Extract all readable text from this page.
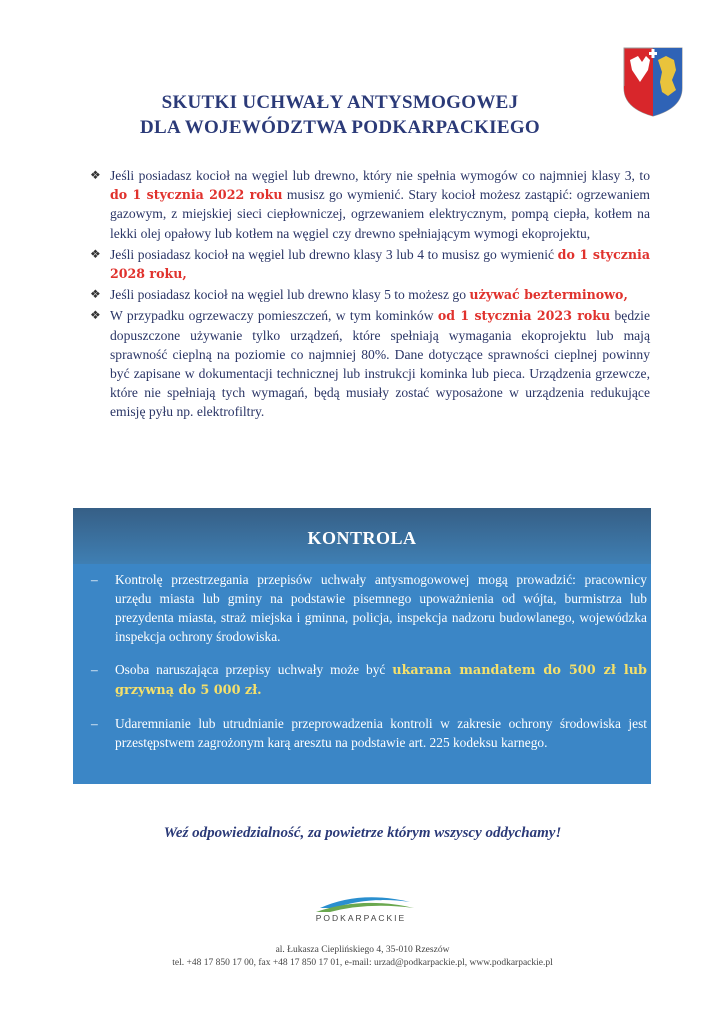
SKUTKI UCHWAŁY ANTYSMOGOWEJ
DLA WOJEWÓDZTWA PODKARPACKIEGO
❖ Jeśli posiadasz kocioł na węgiel lub drewno, który nie spełnia wymogów co najmniej klasy 3, to do 1 stycznia 2022 roku musisz go wymienić. Stary kocioł możesz zastąpić: ogrzewaniem gazowym, z miejskiej sieci ciepłowniczej, ogrzewaniem elektrycznym, pompą ciepła, kotłem na lekki olej opałowy lub kotłem na węgiel czy drewno spełniającym wymogi ekoprojektu,
❖ Jeśli posiadasz kocioł na węgiel lub drewno klasy 3 lub 4 to musisz go wymienić do 1 stycznia 2028 roku,
❖ Jeśli posiadasz kocioł na węgiel lub drewno klasy 5 to możesz go używać bezterminowo,
❖ W przypadku ogrzewaczy pomieszczeń, w tym kominków od 1 stycznia 2023 roku będzie dopuszczone używanie tylko urządzeń, które spełniają wymagania ekoprojektu lub mają sprawność cieplną na poziomie co najmniej 80%. Dane dotyczące sprawności cieplnej powinny być zapisane w dokumentacji technicznej lub instrukcji kominka lub pieca. Urządzenia grzewcze, które nie spełniają tych wymagań, będą musiały zostać wyposażone w urządzenia redukujące emisję pyłu np. elektrofiltry.
KONTROLA
– Kontrolę przestrzegania przepisów uchwały antysmogowowej mogą prowadzić: pracownicy urzędu miasta lub gminy na podstawie pisemnego upoważnienia od wójta, burmistrza lub prezydenta miasta, straż miejska i gminna, policja, inspekcja nadzoru budowlanego, wojewódzka inspekcja ochrony środowiska.
– Osoba naruszająca przepisy uchwały może być ukarana mandatem do 500 zł lub grzywną do 5 000 zł.
– Udaremnianie lub utrudnianie przeprowadzenia kontroli w zakresie ochrony środowiska jest przestępstwem zagrożonym karą aresztu na podstawie art. 225 kodeksu karnego.
Weź odpowiedzialność, za powietrze którym wszyscy oddychamy!
PODKARPACKIE
al. Łukasza Cieplińskiego 4, 35-010 Rzeszów
tel. +48 17 850 17 00, fax +48 17 850 17 01, e-mail: urzad@podkarpackie.pl, www.podkarpackie.pl
